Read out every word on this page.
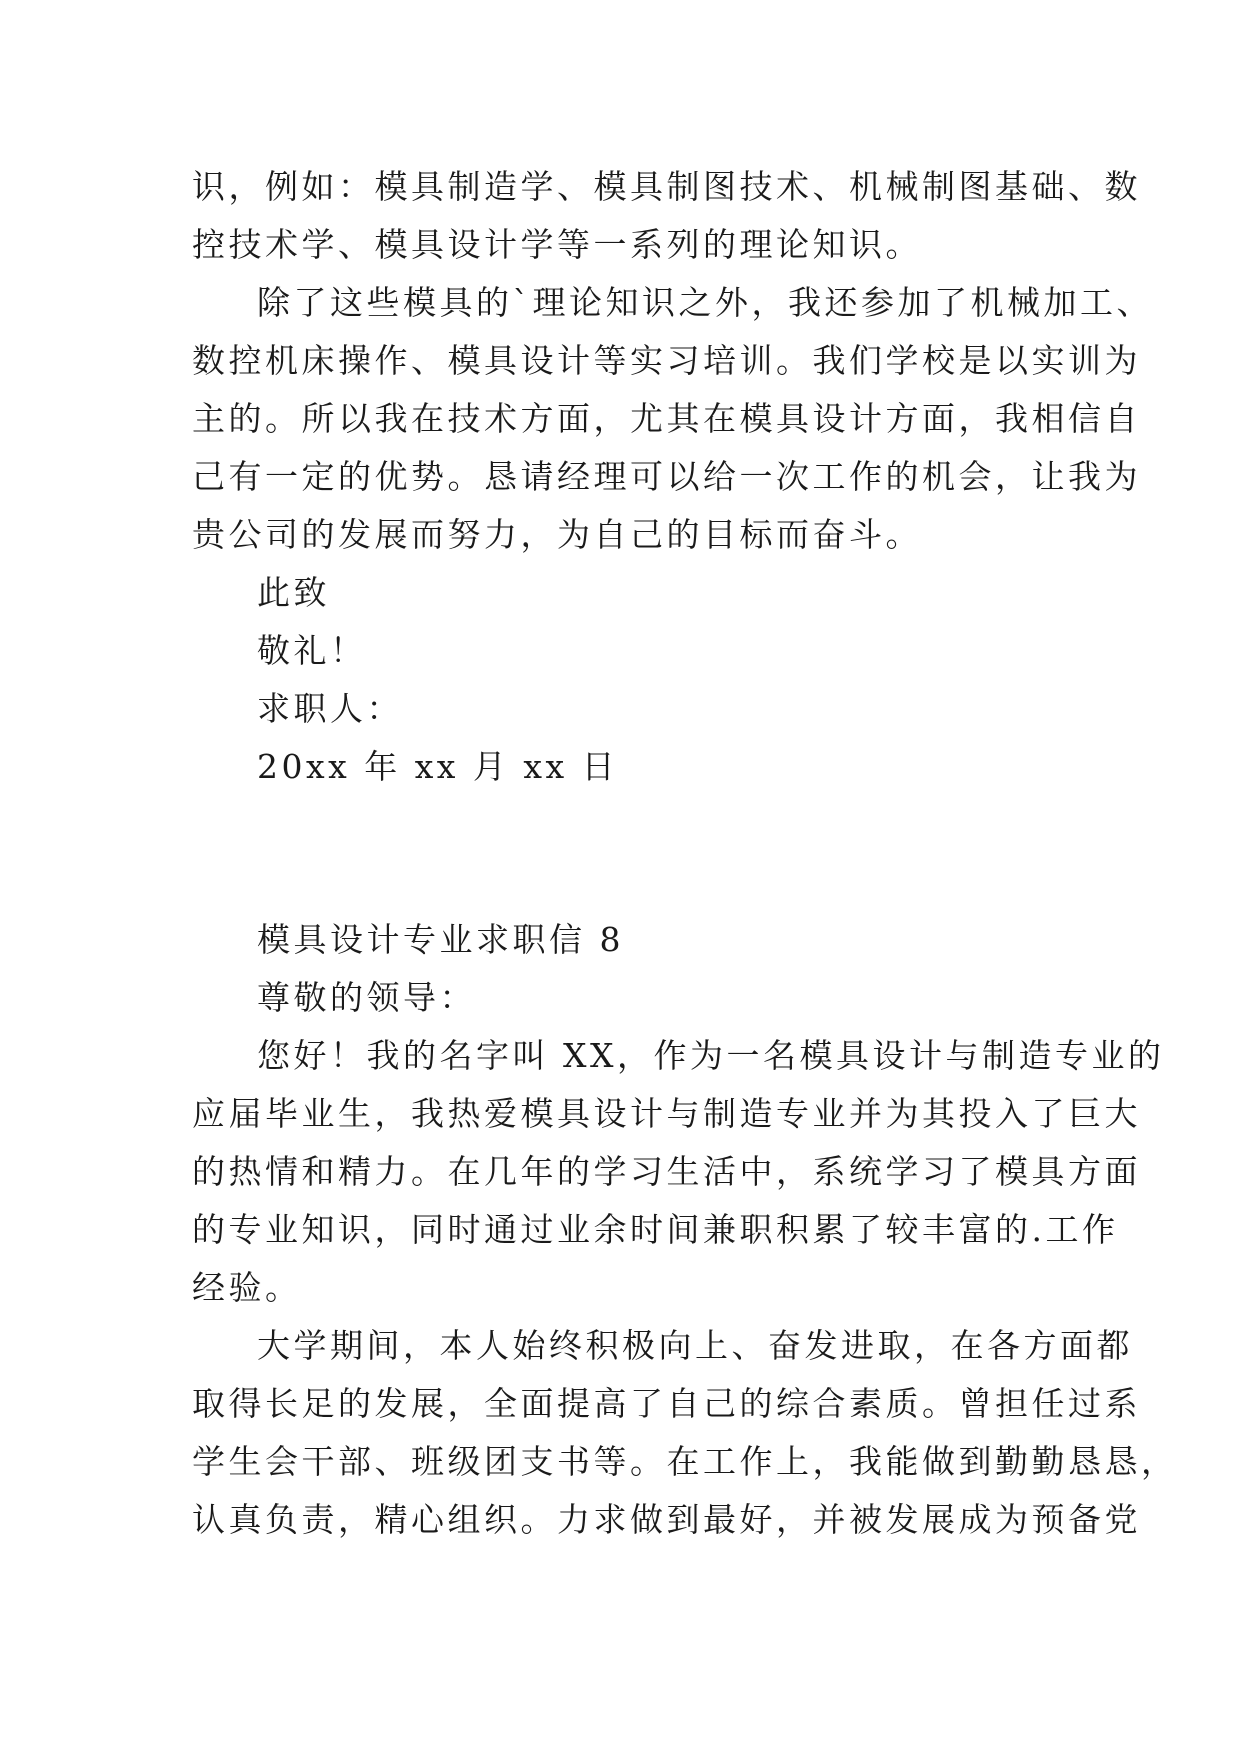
识，例如：模具制造学、模具制图技术、机械制图基础、数
控技术学、模具设计学等一系列的理论知识。
除了这些模具的`理论知识之外，我还参加了机械加工、
数控机床操作、模具设计等实习培训。我们学校是以实训为
主的。所以我在技术方面，尤其在模具设计方面，我相信自
己有一定的优势。恳请经理可以给一次工作的机会，让我为
贵公司的发展而努力，为自己的目标而奋斗。
此致
敬礼！
求职人：
20xx 年 xx 月 xx 日
模具设计专业求职信 8
尊敬的领导：
您好！我的名字叫 XX，作为一名模具设计与制造专业的
应届毕业生，我热爱模具设计与制造专业并为其投入了巨大
的热情和精力。在几年的学习生活中，系统学习了模具方面
的专业知识，同时通过业余时间兼职积累了较丰富的.工作
经验。
大学期间，本人始终积极向上、奋发进取，在各方面都
取得长足的发展，全面提高了自己的综合素质。曾担任过系
学生会干部、班级团支书等。在工作上，我能做到勤勤恳恳，
认真负责，精心组织。力求做到最好，并被发展成为预备党
